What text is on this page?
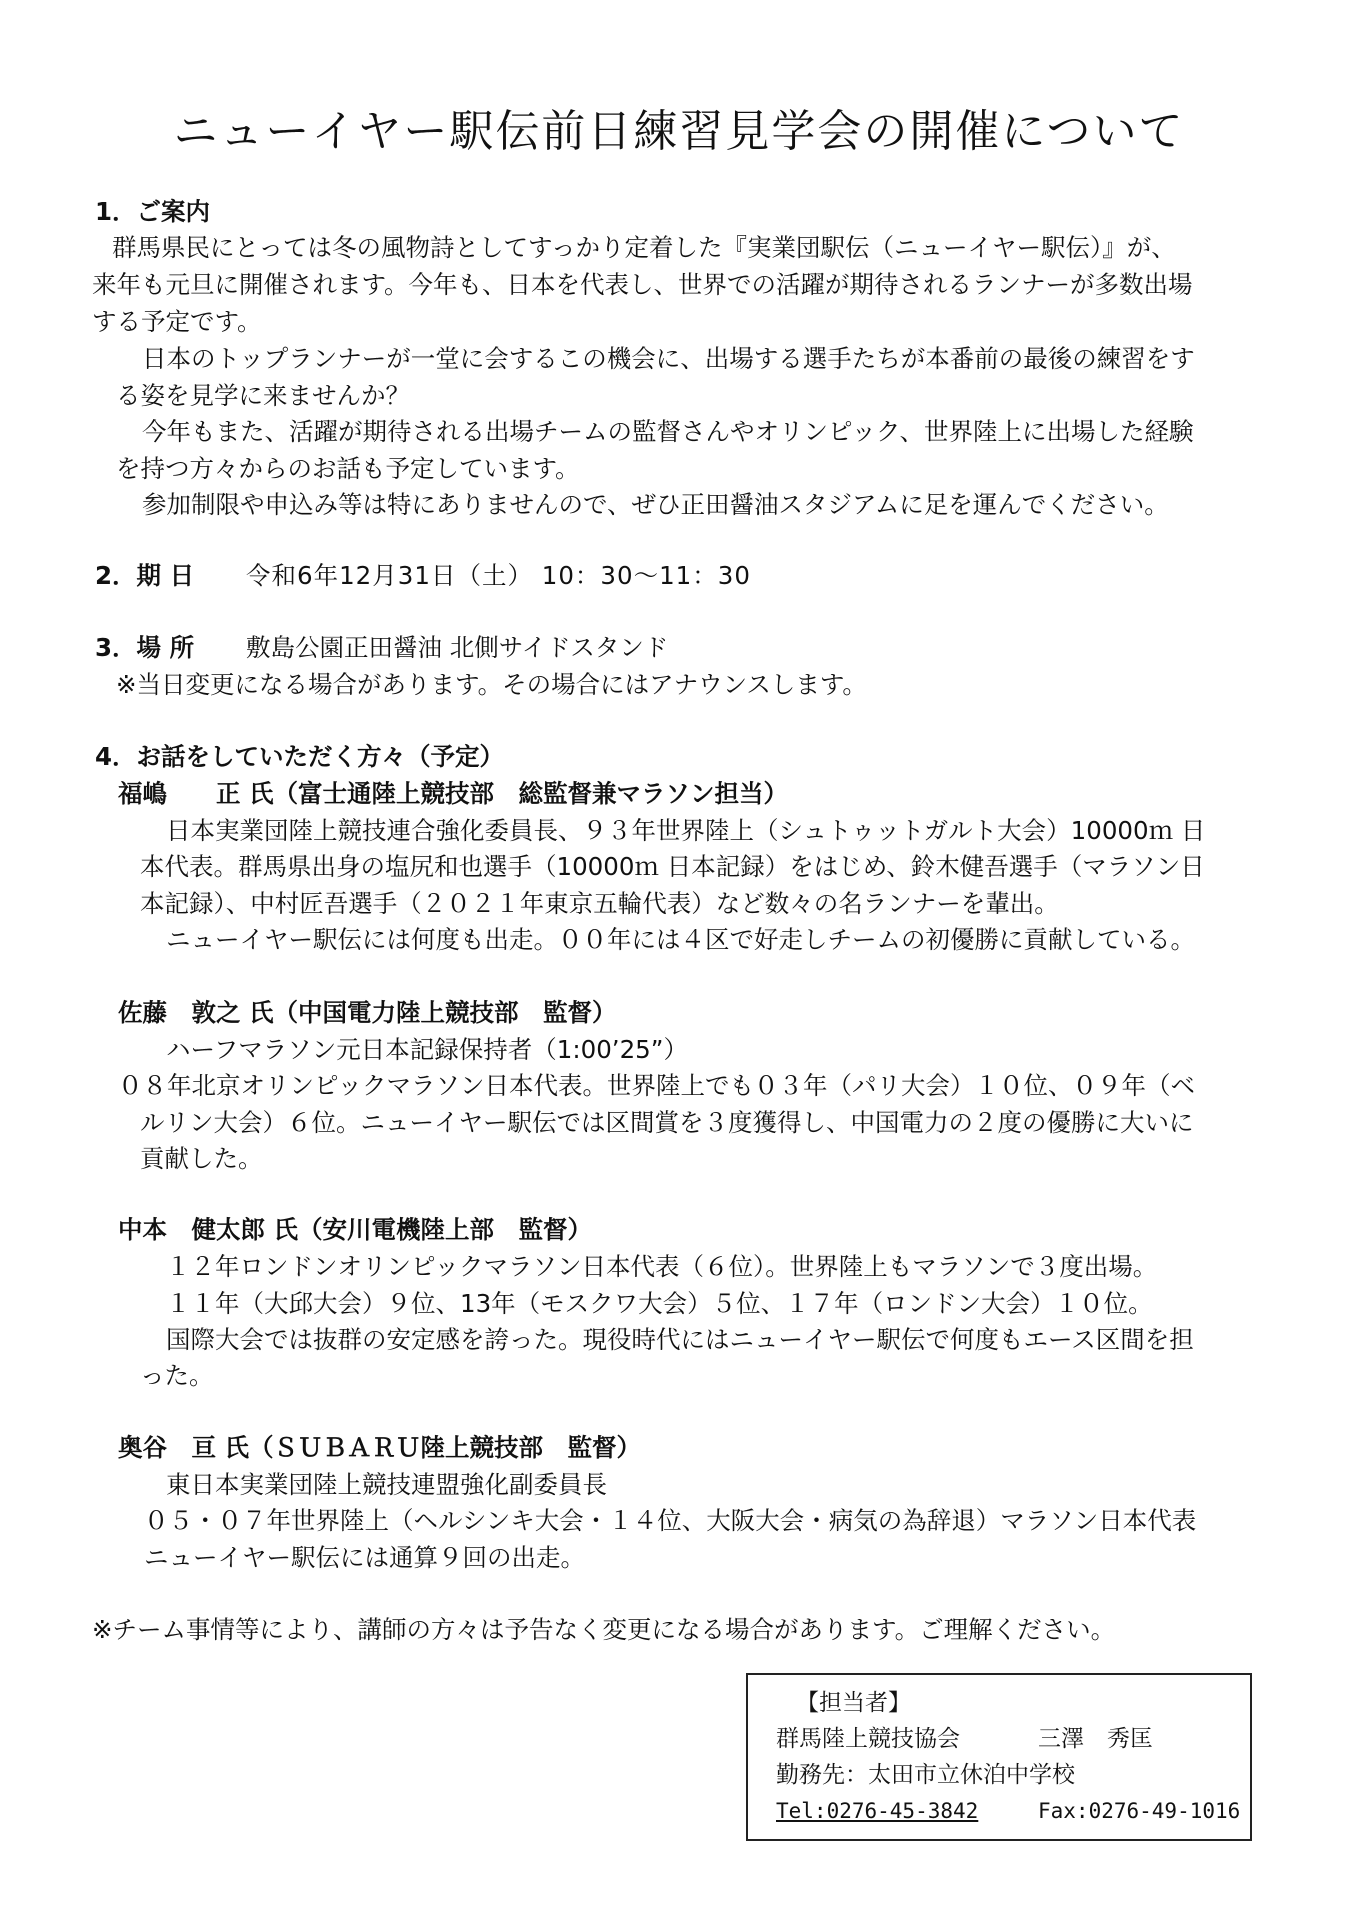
ニューイヤー駅伝前日練習見学会の開催について
1．ご案内
群馬県民にとっては冬の風物詩としてすっかり定着した『実業団駅伝（ニューイヤー駅伝）』が、
来年も元旦に開催されます。今年も、日本を代表し、世界での活躍が期待されるランナーが多数出場
する予定です。
日本のトップランナーが一堂に会するこの機会に、出場する選手たちが本番前の最後の練習をす
る姿を見学に来ませんか？
今年もまた、活躍が期待される出場チームの監督さんやオリンピック、世界陸上に出場した経験
を持つ方々からのお話も予定しています。
参加制限や申込み等は特にありませんので、ぜひ正田醤油スタジアムに足を運んでください。
2．期 日 令和6年12月31日（土） 10：30～11：30
3．場 所 敷島公園正田醤油 北側サイドスタンド
※当日変更になる場合があります。その場合にはアナウンスします。
4．お話をしていただく方々（予定）
福嶋　　正 氏（富士通陸上競技部　総監督兼マラソン担当）
日本実業団陸上競技連合強化委員長、９３年世界陸上（シュトゥットガルト大会）10000ｍ 日
本代表。群馬県出身の塩尻和也選手（10000ｍ 日本記録）をはじめ、鈴木健吾選手（マラソン日
本記録）、中村匠吾選手（２０２１年東京五輪代表）など数々の名ランナーを輩出。
ニューイヤー駅伝には何度も出走。００年には４区で好走しチームの初優勝に貢献している。
佐藤　敦之 氏（中国電力陸上競技部　監督）
ハーフマラソン元日本記録保持者（1:00’25”）
０８年北京オリンピックマラソン日本代表。世界陸上でも０３年（パリ大会）１０位、０９年（ベ
ルリン大会）６位。ニューイヤー駅伝では区間賞を３度獲得し、中国電力の２度の優勝に大いに
貢献した。
中本　健太郎 氏（安川電機陸上部　監督）
１２年ロンドンオリンピックマラソン日本代表（６位）。世界陸上もマラソンで３度出場。
１１年（大邱大会）９位、13年（モスクワ大会）５位、１７年（ロンドン大会）１０位。
国際大会では抜群の安定感を誇った。現役時代にはニューイヤー駅伝で何度もエース区間を担
った。
奥谷　亘 氏（ＳＵＢＡＲＵ陸上競技部　監督）
東日本実業団陸上競技連盟強化副委員長
０５・０７年世界陸上（ヘルシンキ大会・１４位、大阪大会・病気の為辞退）マラソン日本代表
ニューイヤー駅伝には通算９回の出走。
※チーム事情等により、講師の方々は予告なく変更になる場合があります。ご理解ください。
【担当者】
群馬陸上競技協会	三澤　秀匡
勤務先：太田市立休泊中学校
Tel:0276-45-3842	Fax:0276-49-1016
